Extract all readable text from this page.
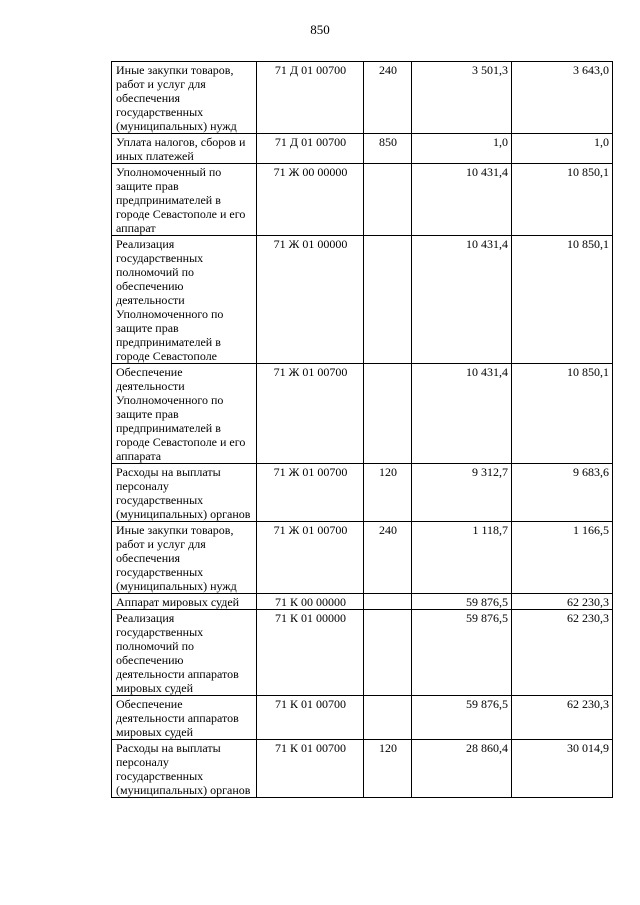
850
Иные закупки товаров, работ и услуг для обеспечения государственных (муниципальных) нужд	71 Д 01 00700	240	3 501,3	3 643,0
Уплата налогов, сборов и иных платежей	71 Д 01 00700	850	1,0	1,0
Уполномоченный по защите прав предпринимателей в городе Севастополе и его аппарат	71 Ж 00 00000		10 431,4	10 850,1
Реализация государственных полномочий по обеспечению деятельности Уполномоченного по защите прав предпринимателей в городе Севастополе	71 Ж 01 00000		10 431,4	10 850,1
Обеспечение деятельности Уполномоченного по защите прав предпринимателей в городе Севастополе и его аппарата	71 Ж 01 00700		10 431,4	10 850,1
Расходы на выплаты персоналу государственных (муниципальных) органов	71 Ж 01 00700	120	9 312,7	9 683,6
Иные закупки товаров, работ и услуг для обеспечения государственных (муниципальных) нужд	71 Ж 01 00700	240	1 118,7	1 166,5
Аппарат мировых судей	71 К 00 00000		59 876,5	62 230,3
Реализация государственных полномочий по обеспечению деятельности аппаратов мировых судей	71 К 01 00000		59 876,5	62 230,3
Обеспечение деятельности аппаратов мировых судей	71 К 01 00700		59 876,5	62 230,3
Расходы на выплаты персоналу государственных (муниципальных) органов	71 К 01 00700	120	28 860,4	30 014,9
